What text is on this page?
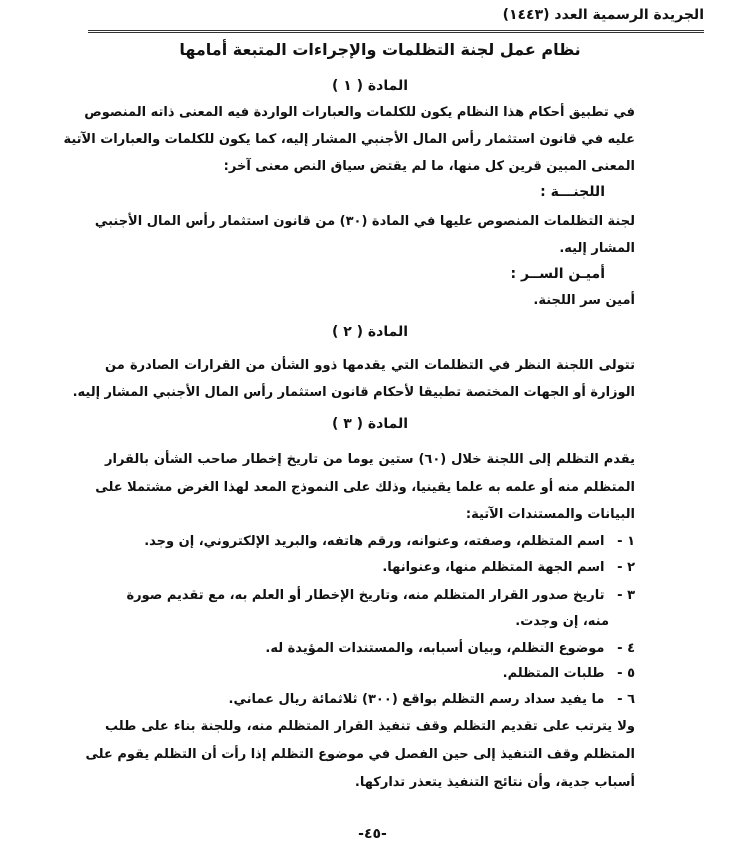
الجريدة الرسمية العدد (١٤٤٣)
نظام عمل لجنة التظلمات والإجراءات المتبعة أمامها
المادة ( ١ )
في تطبيق أحكام هذا النظام يكون للكلمات والعبارات الواردة فيه المعنى ذاته المنصوص
عليه في قانون استثمار رأس المال الأجنبي المشار إليه، كما يكون للكلمات والعبارات الآتية
المعنى المبين قرين كل منها، ما لم يقتض سياق النص معنى آخر:
اللجنـــة :
لجنة التظلمات المنصوص عليها في المادة (٣٠) من قانون استثمار رأس المال الأجنبي
المشار إليه.
أميـن الســر :
أمين سر اللجنة.
المادة ( ٢ )
تتولى اللجنة النظر في التظلمات التي يقدمها ذوو الشأن من القرارات الصادرة من
الوزارة أو الجهات المختصة تطبيقا لأحكام قانون استثمار رأس المال الأجنبي المشار إليه.
المادة ( ٣ )
يقدم التظلم إلى اللجنة خلال (٦٠) ستين يوما من تاريخ إخطار صاحب الشأن بالقرار
المتظلم منه أو علمه به علما يقينيا، وذلك على النموذج المعد لهذا الغرض مشتملا على
البيانات والمستندات الآتية:
١ - اسم المتظلم، وصفته، وعنوانه، ورقم هاتفه، والبريد الإلكتروني، إن وجد.
٢ - اسم الجهة المتظلم منها، وعنوانها.
٣ - تاريخ صدور القرار المتظلم منه، وتاريخ الإخطار أو العلم به، مع تقديم صورة
منه، إن وجدت.
٤ - موضوع التظلم، وبيان أسبابه، والمستندات المؤيدة له.
٥ - طلبات المتظلم.
٦ - ما يفيد سداد رسم التظلم بواقع (٣٠٠) ثلاثمائة ريال عماني.
ولا يترتب على تقديم التظلم وقف تنفيذ القرار المتظلم منه، وللجنة بناء على طلب
المتظلم وقف التنفيذ إلى حين الفصل في موضوع التظلم إذا رأت أن التظلم يقوم على
أسباب جدية، وأن نتائج التنفيذ يتعذر تداركها.
-٤٥-
